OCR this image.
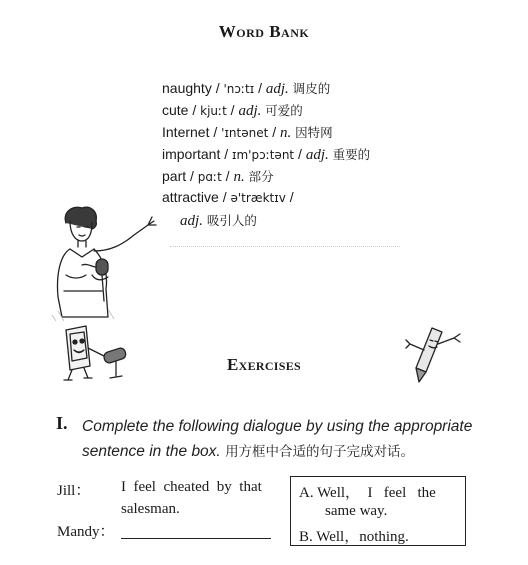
Word Bank
naughty / 'nɔːtɪ / adj. 调皮的
cute / kjuːt / adj. 可爱的
Internet / 'ɪntənet / n. 因特网
important / ɪm'pɔːtənt / adj. 重要的
part / pɑːt / n. 部分
attractive / ə'træktɪv /
adj. 吸引人的
Exercises
I. Complete the following dialogue by using the appropriate sentence in the box. 用方框中合适的句子完成对话。
Jill： I  feel  cheated  by  that
salesman.
Mandy：
A. Well，  I   feel   the
same way.
B. Well，nothing.
